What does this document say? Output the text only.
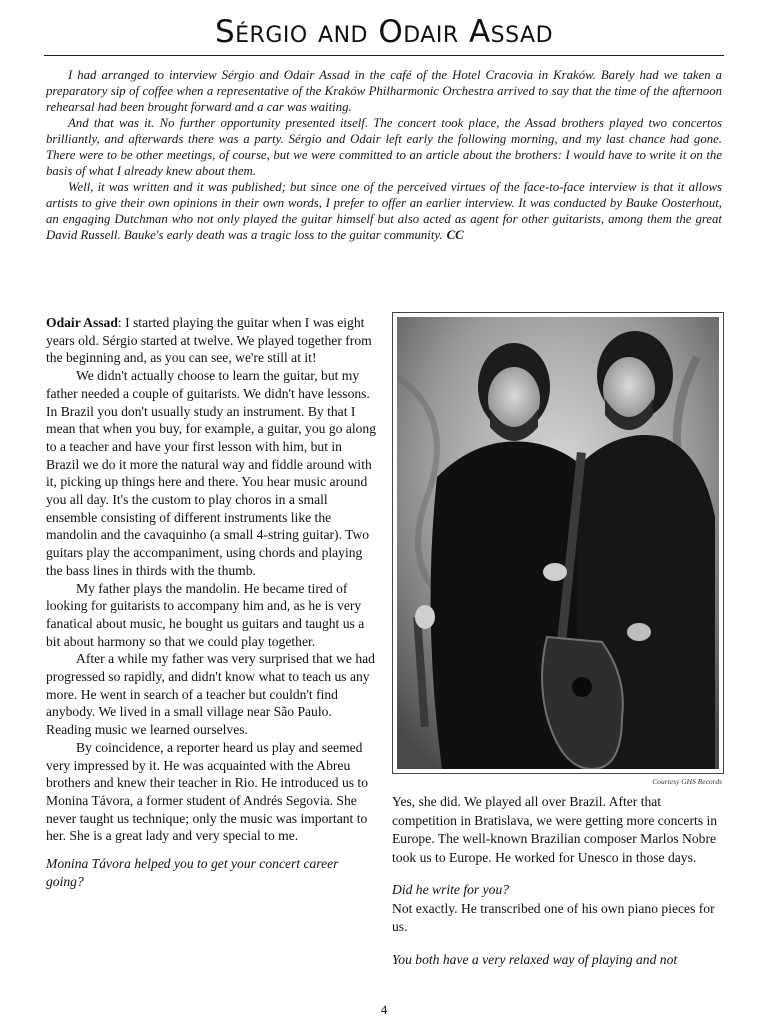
Sérgio and Odair Assad

I had arranged to interview Sérgio and Odair Assad in the café of the Hotel Cracovia in Kraków. Barely had we taken a preparatory sip of coffee when a representative of the Kraków Philharmonic Orchestra arrived to say that the time of the afternoon rehearsal had been brought forward and a car was waiting.

And that was it. No further opportunity presented itself. The concert took place, the Assad brothers played two concertos brilliantly, and afterwards there was a party. Sérgio and Odair left early the following morning, and my last chance had gone. There were to be other meetings, of course, but we were committed to an article about the brothers: I would have to write it on the basis of what I already knew about them.

Well, it was written and it was published; but since one of the perceived virtues of the face-to-face interview is that it allows artists to give their own opinions in their own words, I prefer to offer an earlier interview. It was conducted by Bauke Oosterhout, an engaging Dutchman who not only played the guitar himself but also acted as agent for other guitarists, among them the great David Russell. Bauke's early death was a tragic loss to the guitar community. CC

Odair Assad: I started playing the guitar when I was eight years old. Sérgio started at twelve. We played together from the beginning and, as you can see, we're still at it!

We didn't actually choose to learn the guitar, but my father needed a couple of guitarists. We didn't have lessons. In Brazil you don't usually study an instrument. By that I mean that when you buy, for example, a guitar, you go along to a teacher and have your first lesson with him, but in Brazil we do it more the natural way and fiddle around with it, picking up things here and there. You hear music around you all day. It's the custom to play choros in a small ensemble consisting of different instruments like the mandolin and the cavaquinho (a small 4-string guitar). Two guitars play the accompaniment, using chords and playing the bass lines in thirds with the thumb.

My father plays the mandolin. He became tired of looking for guitarists to accompany him and, as he is very fanatical about music, he bought us guitars and taught us a bit about harmony so that we could play together.

After a while my father was very surprised that we had progressed so rapidly, and didn't know what to teach us any more. He went in search of a teacher but couldn't find anybody. We lived in a small village near São Paulo. Reading music we learned ourselves.

By coincidence, a reporter heard us play and seemed very impressed by it. He was acquainted with the Abreu brothers and knew their teacher in Rio. He introduced us to Monina Távora, a former student of Andrés Segovia. She never taught us technique; only the music was important to her. She is a great lady and very special to me.

Monina Távora helped you to get your concert career going?

Courtesy GHS Records

Yes, she did. We played all over Brazil. After that competition in Bratislava, we were getting more concerts in Europe. The well-known Brazilian composer Marlos Nobre took us to Europe. He worked for Unesco in those days.

Did he write for you?

Not exactly. He transcribed one of his own piano pieces for us.

You both have a very relaxed way of playing and not

4
